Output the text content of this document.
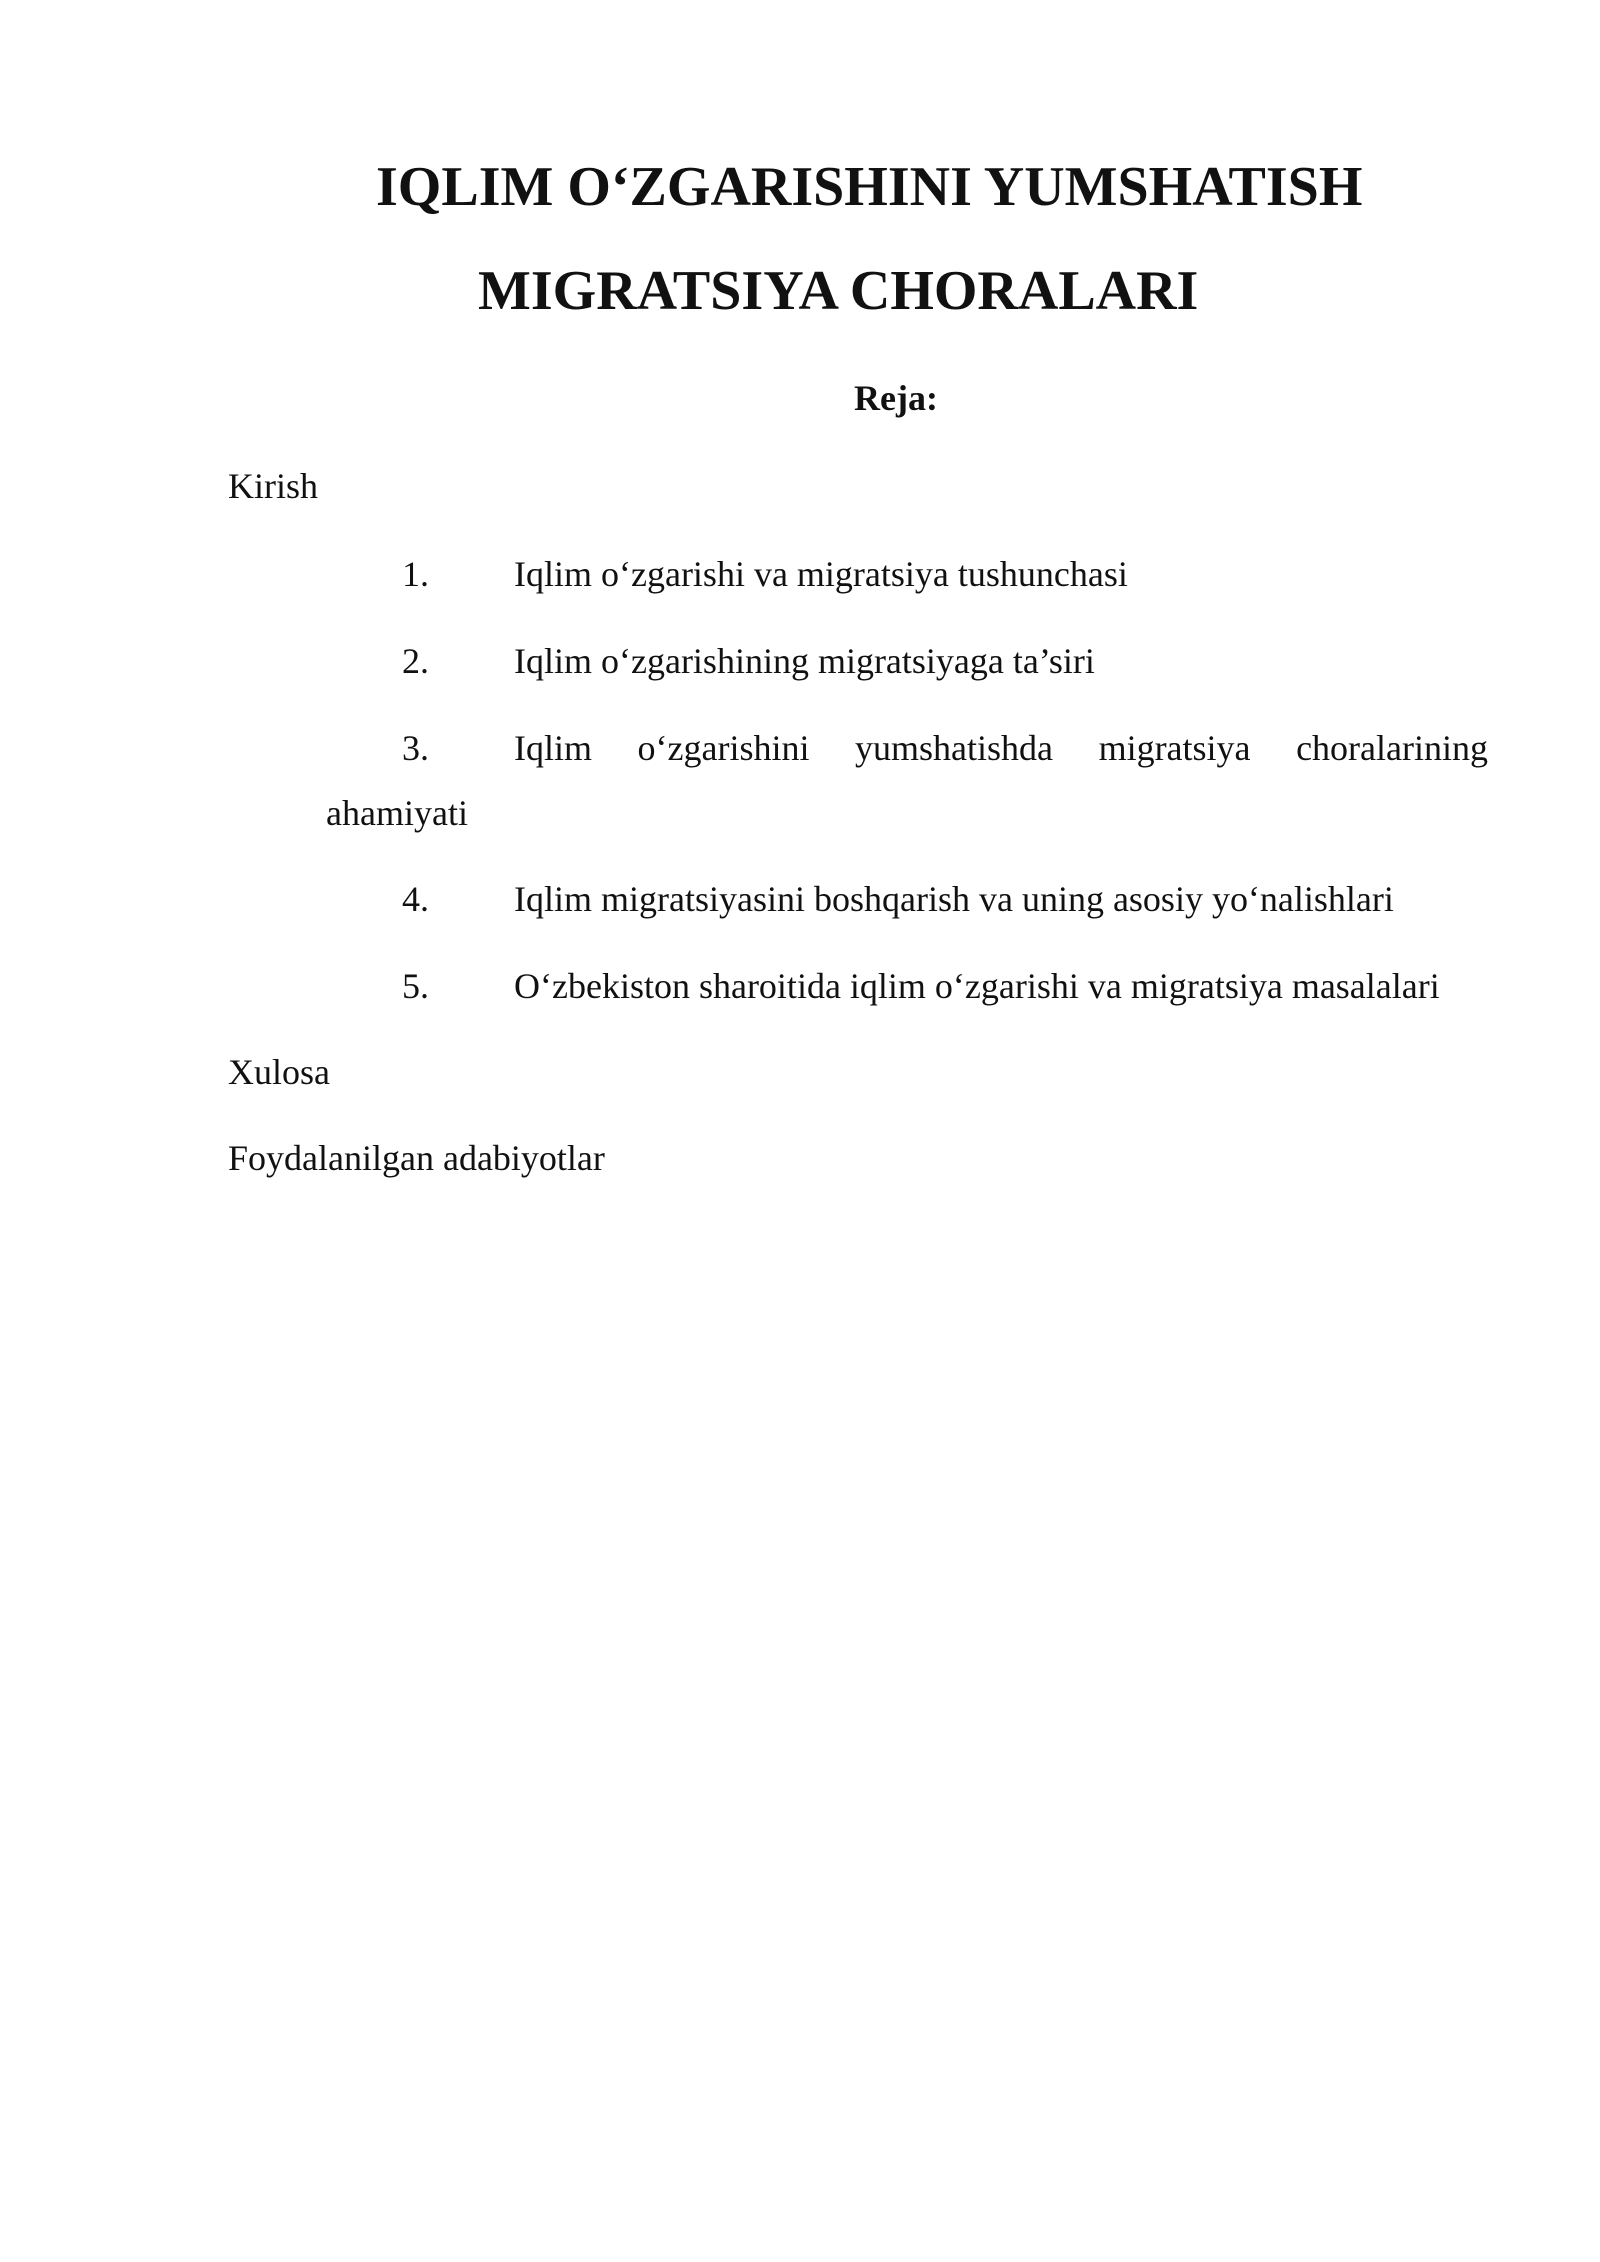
IQLIM O‘ZGARISHINI YUMSHATISH
MIGRATSIYA CHORALARI
Reja:
Kirish
1. Iqlim o‘zgarishi va migratsiya tushunchasi
2. Iqlim o‘zgarishining migratsiyaga ta’siri
3. Iqlim o‘zgarishini yumshatishda migratsiya choralarining
ahamiyati
4. Iqlim migratsiyasini boshqarish va uning asosiy yo‘nalishlari
5. O‘zbekiston sharoitida iqlim o‘zgarishi va migratsiya masalalari
Xulosa
Foydalanilgan adabiyotlar
